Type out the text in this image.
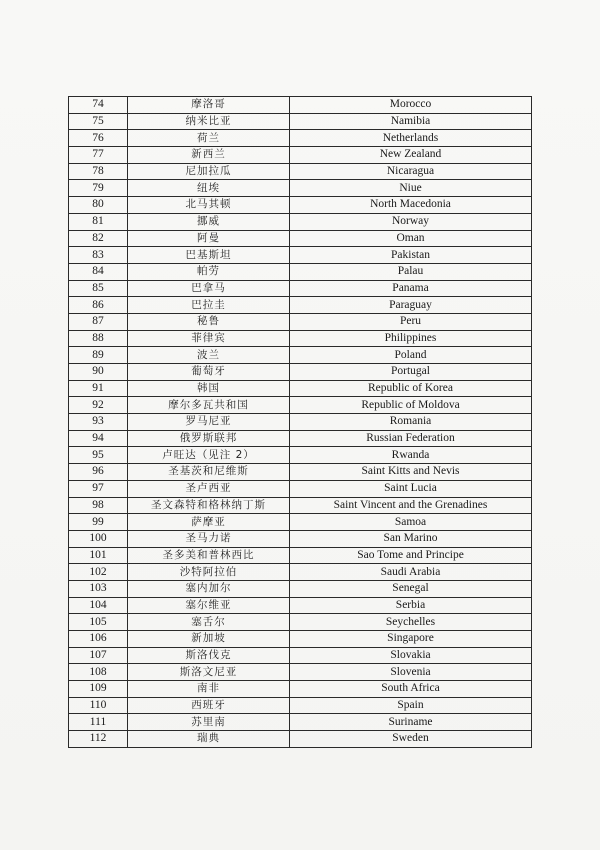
74	摩洛哥	Morocco
75	纳米比亚	Namibia
76	荷兰	Netherlands
77	新西兰	New Zealand
78	尼加拉瓜	Nicaragua
79	纽埃	Niue
80	北马其顿	North Macedonia
81	挪威	Norway
82	阿曼	Oman
83	巴基斯坦	Pakistan
84	帕劳	Palau
85	巴拿马	Panama
86	巴拉圭	Paraguay
87	秘鲁	Peru
88	菲律宾	Philippines
89	波兰	Poland
90	葡萄牙	Portugal
91	韩国	Republic of Korea
92	摩尔多瓦共和国	Republic of Moldova
93	罗马尼亚	Romania
94	俄罗斯联邦	Russian Federation
95	卢旺达（见注 2）	Rwanda
96	圣基茨和尼维斯	Saint Kitts and Nevis
97	圣卢西亚	Saint Lucia
98	圣文森特和格林纳丁斯	Saint Vincent and the Grenadines
99	萨摩亚	Samoa
100	圣马力诺	San Marino
101	圣多美和普林西比	Sao Tome and Principe
102	沙特阿拉伯	Saudi Arabia
103	塞内加尔	Senegal
104	塞尔维亚	Serbia
105	塞舌尔	Seychelles
106	新加坡	Singapore
107	斯洛伐克	Slovakia
108	斯洛文尼亚	Slovenia
109	南非	South Africa
110	西班牙	Spain
111	苏里南	Suriname
112	瑞典	Sweden
